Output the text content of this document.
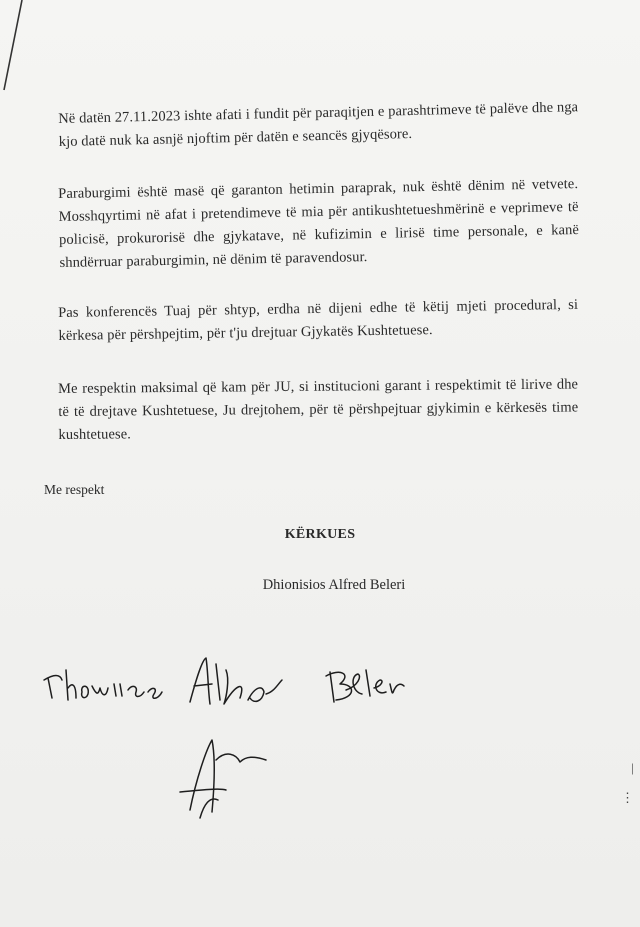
Në datën 27.11.2023 ishte afati i fundit për paraqitjen e parashtrimeve të palëve dhe nga kjo datë nuk ka asnjë njoftim për datën e seancës gjyqësore.

Paraburgimi është masë që garanton hetimin paraprak, nuk është dënim në vetvete. Mosshqyrtimi në afat i pretendimeve të mia për antikushtetueshmërinë e veprimeve të policisë, prokurorisë dhe gjykatave, në kufizimin e lirisë time personale, e kanë shndërruar paraburgimin, në dënim të paravendosur.

Pas konferencës Tuaj për shtyp, erdha në dijeni edhe të këtij mjeti procedural, si kërkesa për përshpejtim, për t'ju drejtuar Gjykatës Kushtetuese.

Me respektin maksimal që kam për JU, si institucioni garant i respektimit të lirive dhe të të drejtave Kushtetuese, Ju drejtohem, për të përshpejtuar gjykimin e kërkesës time kushtetuese.

Me respekt
KËRKUES
Dhionisios Alfred Beleri
|
⋮
